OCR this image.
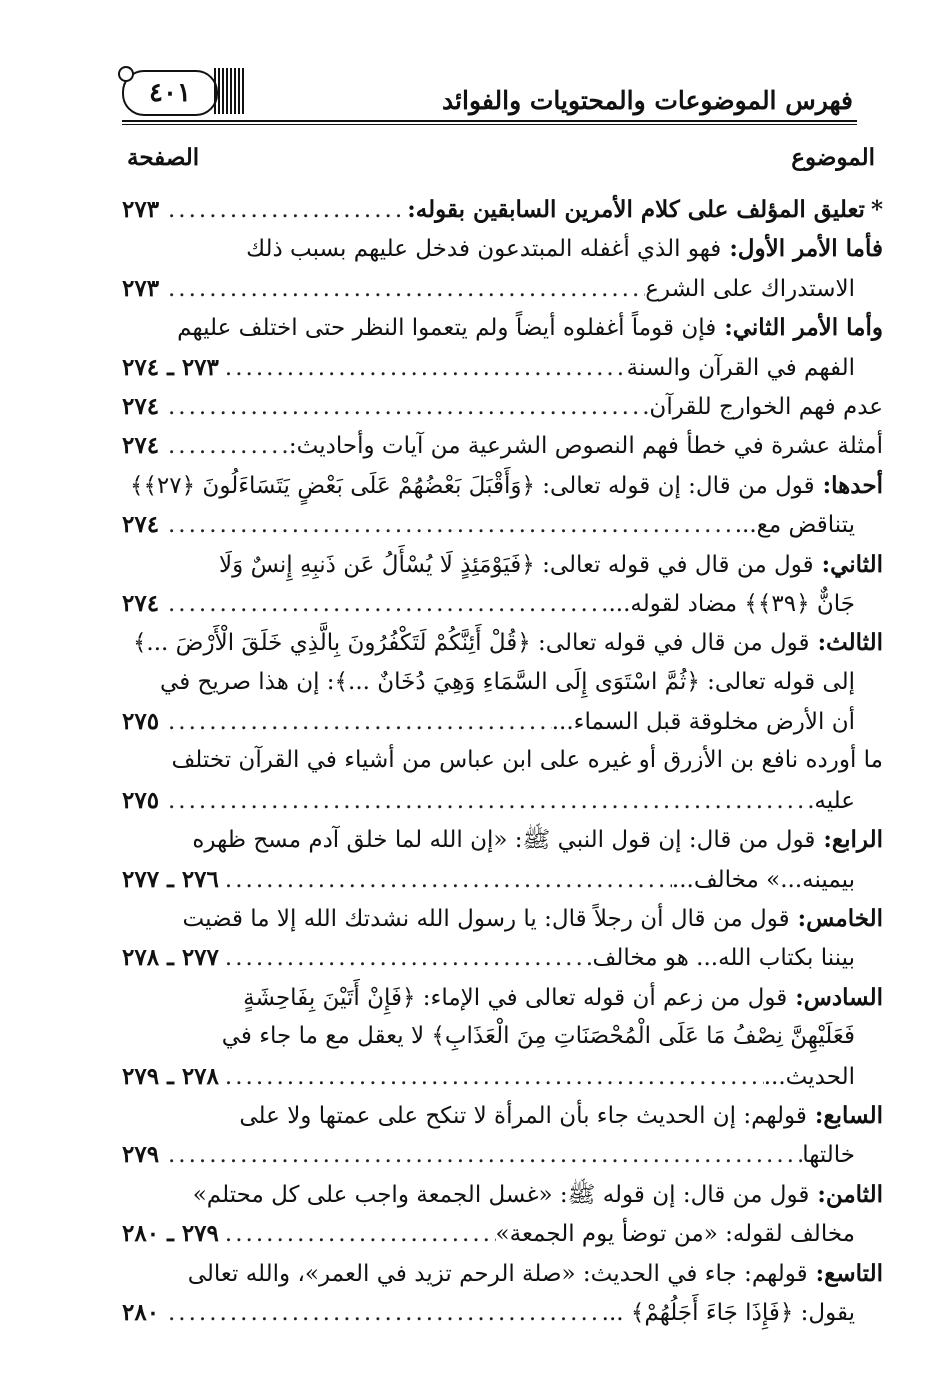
فهرس الموضوعات والمحتويات والفوائد
٤٠١
الموضوع
الصفحة
*تعليق المؤلف على كلام الأمرين السابقين بقوله:
.....
٢٧٣
فأما الأمر الأول: فهو الذي أغفله المبتدعون فدخل عليهم بسبب ذلك
الاستدراك على الشرع
.....
٢٧٣
وأما الأمر الثاني: فإن قوماً أغفلوه أيضاً ولم يتعموا النظر حتى اختلف عليهم
الفهم في القرآن والسنة
.....
٢٧٣ ـ ٢٧٤
عدم فهم الخوارج للقرآن
.....
٢٧٤
أمثلة عشرة في خطأ فهم النصوص الشرعية من آيات وأحاديث:
.....
٢٧٤
أحدها: قول من قال: إن قوله تعالى: ﴿وَأَقْبَلَ بَعْضُهُمْ عَلَى بَعْضٍ يَتَسَاءَلُونَ ﴿٢٧﴾﴾
يتناقض مع...
.....
٢٧٤
الثاني: قول من قال في قوله تعالى: ﴿فَيَوْمَئِذٍ لَا يُسْأَلُ عَن ذَنبِهِ إِنسٌ وَلَا
جَانٌّ ﴿٣٩﴾﴾ مضاد لقوله...
.....
٢٧٤
الثالث: قول من قال في قوله تعالى: ﴿قُلْ أَئِنَّكُمْ لَتَكْفُرُونَ بِالَّذِي خَلَقَ الْأَرْضَ ...﴾
إلى قوله تعالى: ﴿ثُمَّ اسْتَوَى إِلَى السَّمَاءِ وَهِيَ دُخَانٌ ...﴾: إن هذا صريح في
أن الأرض مخلوقة قبل السماء...
.....
٢٧٥
ما أورده نافع بن الأزرق أو غيره على ابن عباس من أشياء في القرآن تختلف
عليه
.....
٢٧٥
الرابع: قول من قال: إن قول النبي ﷺ: «إن الله لما خلق آدم مسح ظهره
بيمينه...» مخالف...
.....
٢٧٦ ـ ٢٧٧
الخامس: قول من قال أن رجلاً قال: يا رسول الله نشدتك الله إلا ما قضيت
بيننا بكتاب الله... هو مخالف
.....
٢٧٧ ـ ٢٧٨
السادس: قول من زعم أن قوله تعالى في الإماء: ﴿فَإِنْ أَتَيْنَ بِفَاحِشَةٍ
فَعَلَيْهِنَّ نِصْفُ مَا عَلَى الْمُحْصَنَاتِ مِنَ الْعَذَابِ﴾ لا يعقل مع ما جاء في
الحديث...
.....
٢٧٨ ـ ٢٧٩
السابع: قولهم: إن الحديث جاء بأن المرأة لا تنكح على عمتها ولا على
خالتها
.....
٢٧٩
الثامن: قول من قال: إن قوله ﷺ: «غسل الجمعة واجب على كل محتلم»
مخالف لقوله: «من توضأ يوم الجمعة»
.....
٢٧٩ ـ ٢٨٠
التاسع: قولهم: جاء في الحديث: «صلة الرحم تزيد في العمر»، والله تعالى
يقول: ﴿فَإِذَا جَاءَ أَجَلُهُمْ﴾ ...
.....
٢٨٠
